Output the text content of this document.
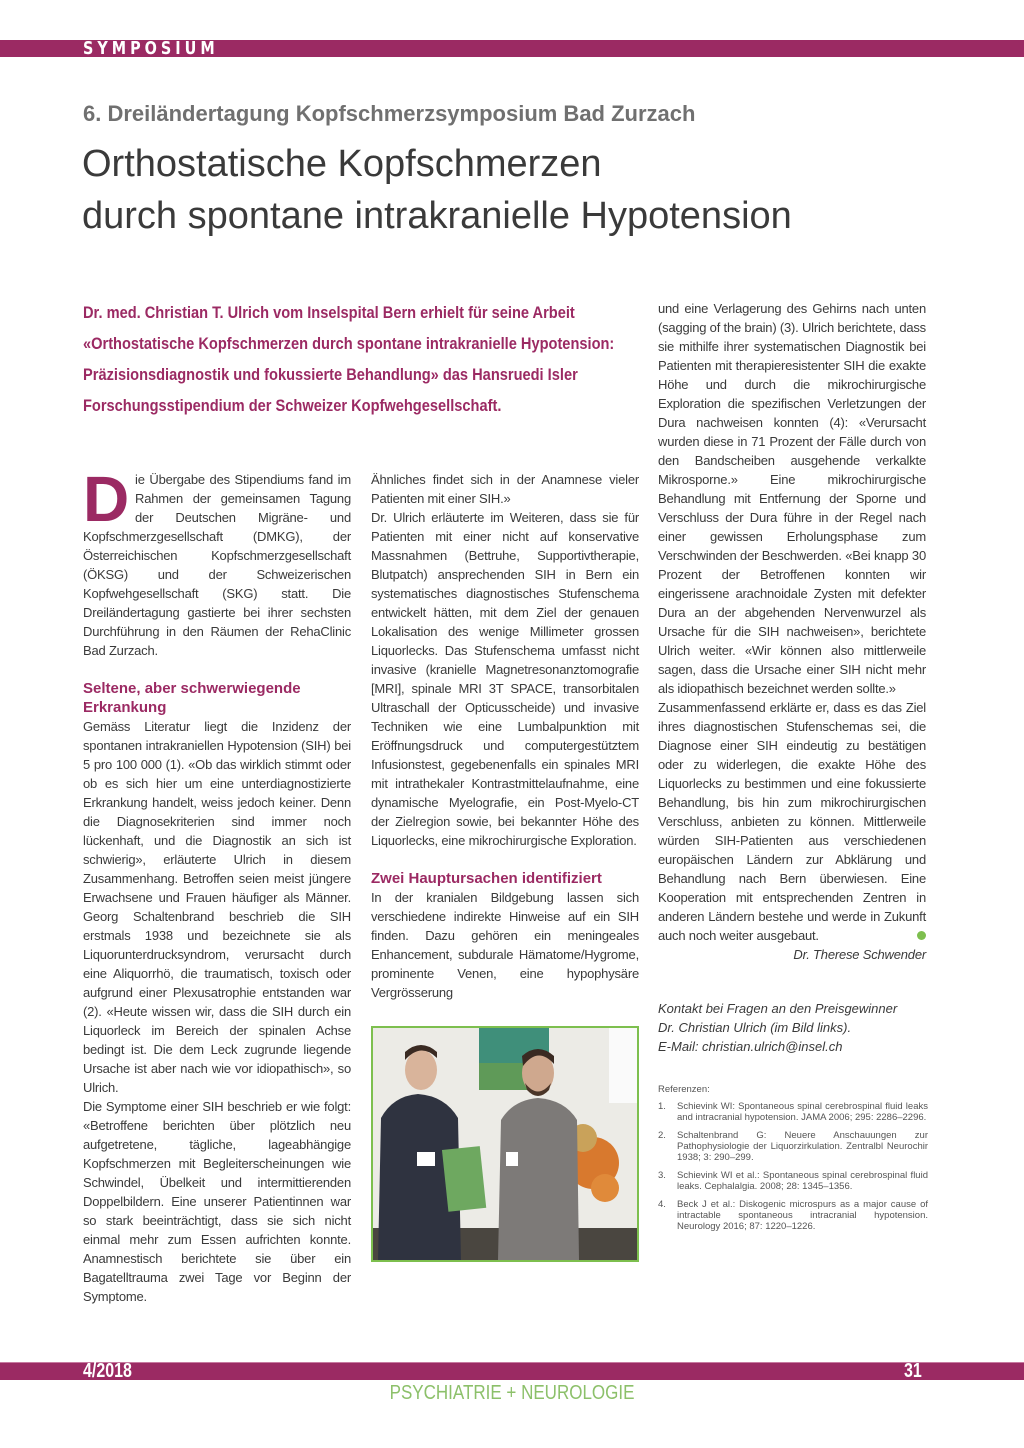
SYMPOSIUM
6. Dreiländertagung Kopfschmerzsymposium Bad Zurzach
Orthostatische Kopfschmerzen
durch spontane intrakranielle Hypotension

Dr. med. Christian T. Ulrich vom Inselspital Bern erhielt für seine Arbeit «Orthostatische Kopfschmerzen durch spontane intrakranielle Hypotension: Präzisionsdiagnostik und fokussierte Behandlung» das Hansruedi Isler Forschungsstipendium der Schweizer Kopfwehgesellschaft.

Die Übergabe des Stipendiums fand im Rahmen der gemeinsamen Tagung der Deutschen Migräne- und Kopfschmerzgesellschaft (DMKG), der Österreichischen Kopfschmerzgesellschaft (ÖKSG) und der Schweizerischen Kopfwehgesellschaft (SKG) statt. Die Dreiländertagung gastierte bei ihrer sechsten Durchführung in den Räumen der RehaClinic Bad Zurzach.

Seltene, aber schwerwiegende Erkrankung

Gemäss Literatur liegt die Inzidenz der spontanen intrakraniellen Hypotension (SIH) bei 5 pro 100 000 (1). «Ob das wirklich stimmt oder ob es sich hier um eine unterdiagnostizierte Erkrankung handelt, weiss jedoch keiner. Denn die Diagnosekriterien sind immer noch lückenhaft, und die Diagnostik an sich ist schwierig», erläuterte Ulrich in diesem Zusammenhang. Betroffen seien meist jüngere Erwachsene und Frauen häufiger als Männer. Georg Schaltenbrand beschrieb die SIH erstmals 1938 und bezeichnete sie als Liquorunterdrucksyndrom, verursacht durch eine Aliquorrhö, die traumatisch, toxisch oder aufgrund einer Plexusatrophie entstanden war (2). «Heute wissen wir, dass die SIH durch ein Liquorleck im Bereich der spinalen Achse bedingt ist. Die dem Leck zugrunde liegende Ursache ist aber nach wie vor idiopathisch», so Ulrich.

Die Symptome einer SIH beschrieb er wie folgt: «Betroffene berichten über plötzlich neu aufgetretene, tägliche, lageabhängige Kopfschmerzen mit Begleiterscheinungen wie Schwindel, Übelkeit und intermittierenden Doppelbildern. Eine unserer Patientinnen war so stark beeinträchtigt, dass sie sich nicht einmal mehr zum Essen aufrichten konnte. Anamnestisch berichtete sie über ein Bagatelltrauma zwei Tage vor Beginn der Symptome.

Ähnliches findet sich in der Anamnese vieler Patienten mit einer SIH.»

Dr. Ulrich erläuterte im Weiteren, dass sie für Patienten mit einer nicht auf konservative Massnahmen (Bettruhe, Supportivtherapie, Blutpatch) ansprechenden SIH in Bern ein systematisches diagnostisches Stufenschema entwickelt hätten, mit dem Ziel der genauen Lokalisation des wenige Millimeter grossen Liquorlecks. Das Stufenschema umfasst nicht invasive (kranielle Magnetresonanztomografie [MRI], spinale MRI 3T SPACE, transorbitalen Ultraschall der Opticusscheide) und invasive Techniken wie eine Lumbalpunktion mit Eröffnungsdruck und computergestütztem Infusionstest, gegebenenfalls ein spinales MRI mit intrathekaler Kontrastmittelaufnahme, eine dynamische Myelografie, ein Post-Myelo-CT der Zielregion sowie, bei bekannter Höhe des Liquorlecks, eine mikrochirurgische Exploration.

Zwei Hauptursachen identifiziert

In der kranialen Bildgebung lassen sich verschiedene indirekte Hinweise auf ein SIH finden. Dazu gehören ein meningeales Enhancement, subdurale Hämatome/Hygrome, prominente Venen, eine hypophysäre Vergrösserung

und eine Verlagerung des Gehirns nach unten (sagging of the brain) (3). Ulrich berichtete, dass sie mithilfe ihrer systematischen Diagnostik bei Patienten mit therapieresistenter SIH die exakte Höhe und durch die mikrochirurgische Exploration die spezifischen Verletzungen der Dura nachweisen konnten (4): «Verursacht wurden diese in 71 Prozent der Fälle durch von den Bandscheiben ausgehende verkalkte Mikrosporne.» Eine mikrochirurgische Behandlung mit Entfernung der Sporne und Verschluss der Dura führe in der Regel nach einer gewissen Erholungsphase zum Verschwinden der Beschwerden. «Bei knapp 30 Prozent der Betroffenen konnten wir eingerissene arachnoidale Zysten mit defekter Dura an der abgehenden Nervenwurzel als Ursache für die SIH nachweisen», berichtete Ulrich weiter. «Wir können also mittlerweile sagen, dass die Ursache einer SIH nicht mehr als idiopathisch bezeichnet werden sollte.»

Zusammenfassend erklärte er, dass es das Ziel ihres diagnostischen Stufenschemas sei, die Diagnose einer SIH eindeutig zu bestätigen oder zu widerlegen, die exakte Höhe des Liquorlecks zu bestimmen und eine fokussierte Behandlung, bis hin zum mikrochirurgischen Verschluss, anbieten zu können. Mittlerweile würden SIH-Patienten aus verschiedenen europäischen Ländern zur Abklärung und Behandlung nach Bern überwiesen. Eine Kooperation mit entsprechenden Zentren in anderen Ländern bestehe und werde in Zukunft auch noch weiter ausgebaut.

Dr. Therese Schwender

Kontakt bei Fragen an den Preisgewinner
Dr. Christian Ulrich (im Bild links).
E-Mail: christian.ulrich@insel.ch
Referenzen:
1.	Schievink WI: Spontaneous spinal cerebrospinal fluid leaks and intracranial hypotension. JAMA 2006; 295: 2286–2296.
2.	Schaltenbrand G: Neuere Anschauungen zur Pathophysiologie der Liquorzirkulation. Zentralbl Neurochir 1938; 3: 290–299.
3.	Schievink WI et al.: Spontaneous spinal cerebrospinal fluid leaks. Cephalalgia. 2008; 28: 1345–1356.
4.	Beck J et al.: Diskogenic microspurs as a major cause of intractable spontaneous intracranial hypotension. Neurology 2016; 87: 1220–1226.
4/2018	31
PSYCHIATRIE + NEUROLOGIE
